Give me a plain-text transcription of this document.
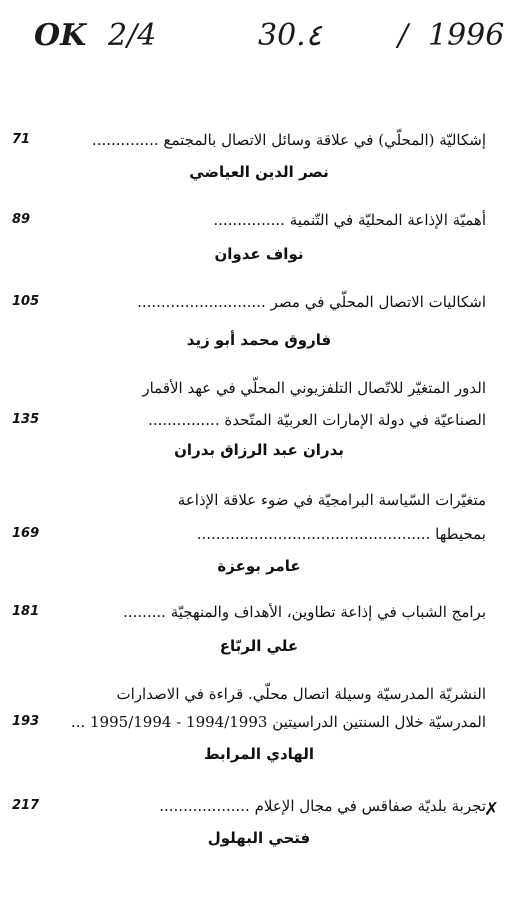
OK 2/4	30.٤	/ 1996
إشكاليّة (المحلّي) في علاقة وسائل الاتصال بالمجتمع ..............
71
نصر الدين العياضي
أهميّة الإذاعة المحليّة في التّنمية ...............
89
نواف عدوان
اشكاليات الاتصال المحلّي في مصر ...........................
105
فاروق محمد أبو زيد
الدور المتغيّر للاتّصال التلفزيوني المحلّي في عهد الأقمار
الصناعيّة في دولة الإمارات العربيّة المتّحدة ...............
135
بدران عبد الرزاق بدران
متغيّرات السّياسة البرامجيّة في ضوء علاقة الإذاعة
بمحيطها .................................................
169
عامر بوعزة
برامج الشباب في إذاعة تطاوين، الأهداف والمنهجيّة .........
181
علي الربّاع
النشريّة المدرسيّة وسيلة اتصال محلّي. قراءة في الاصدارات
المدرسيّة خلال السنتين الدراسيتين 1994/1993 - 1995/1994 ...
193
الهادي المرابط
تجربة بلديّة صفاقس في مجال الإعلام ...................	✗
217
فتحي البهلول
